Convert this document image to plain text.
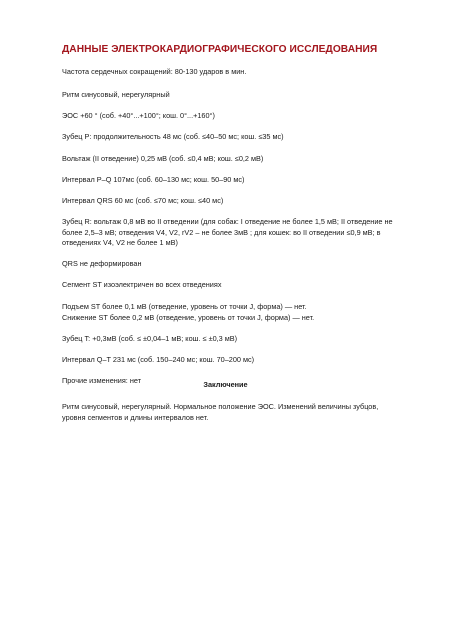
ДАННЫЕ ЭЛЕКТРОКАРДИОГРАФИЧЕСКОГО ИССЛЕДОВАНИЯ
Частота сердечных сокращений: 80-130 ударов в мин.
Ритм синусовый, нерегулярный
ЭОС +60 ° (соб. +40°...+100°; кош. 0°...+160°)
Зубец P: продолжительность 48 мс (соб. ≤40–50 мс; кош. ≤35 мс)
Вольтаж (II отведение) 0,25 мВ (соб. ≤0,4 мВ; кош. ≤0,2 мВ)
Интервал P–Q 107мс (соб. 60–130 мс; кош. 50–90 мс)
Интервал QRS 60 мс (соб. ≤70 мс; кош. ≤40 мс)
Зубец R: вольтаж 0,8 мВ во II отведении (для собак: I отведение не более 1,5 мВ; II отведение не более 2,5–3 мВ; отведения V4, V2, rV2 – не более 3мВ ; для кошек: во II отведении ≤0,9 мВ; в отведениях V4, V2 не более 1 мВ)
QRS не деформирован
Сегмент ST изоэлектричен во всех отведениях
Подъем ST более 0,1 мВ (отведение, уровень от точки J, форма) — нет.
Снижение ST более 0,2 мВ (отведение, уровень от точки J, форма) — нет.
Зубец T: +0,3мВ (соб. ≤ ±0,04–1 мВ; кош. ≤ ±0,3 мВ)
Интервал Q–T 231 мс (соб. 150–240 мс; кош. 70–200 мс)
Прочие изменения: нет	Заключение
Ритм синусовый, нерегулярный. Нормальное положение ЭОС. Изменений величины зубцов, уровня сегментов и длины интервалов нет.
